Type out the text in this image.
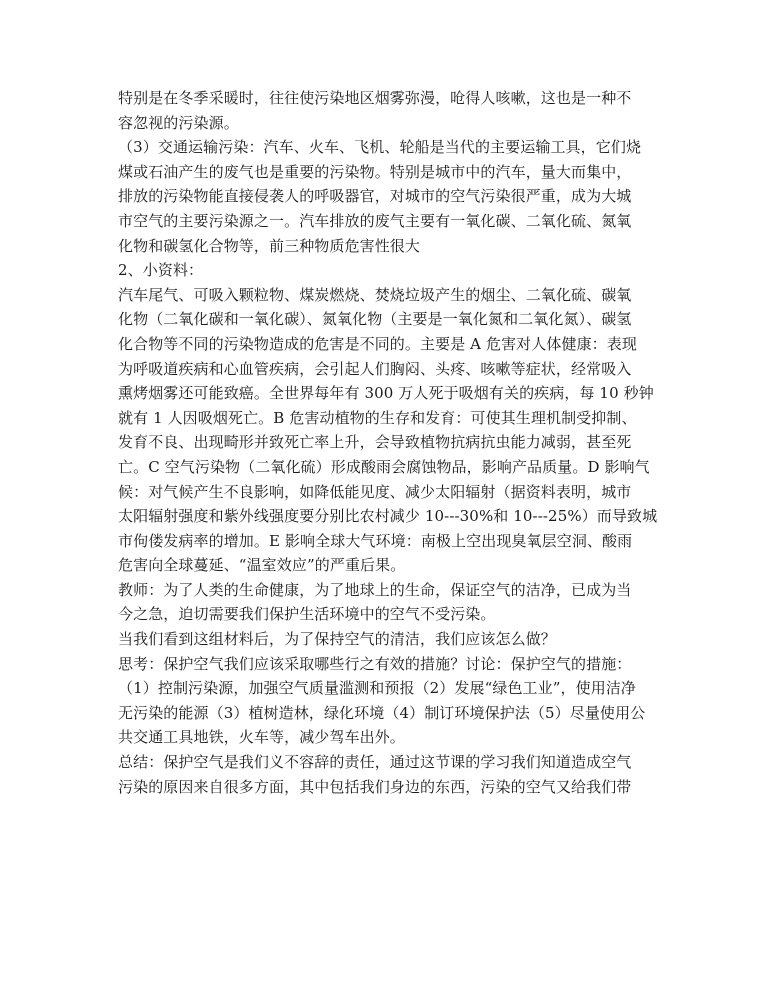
特别是在冬季采暖时，往往使污染地区烟雾弥漫，呛得人咳嗽，这也是一种不
容忽视的污染源。
（3）交通运输污染：汽车、火车、飞机、轮船是当代的主要运输工具，它们烧
煤或石油产生的废气也是重要的污染物。特别是城市中的汽车，量大而集中，
排放的污染物能直接侵袭人的呼吸器官，对城市的空气污染很严重，成为大城
市空气的主要污染源之一。汽车排放的废气主要有一氧化碳、二氧化硫、氮氧
化物和碳氢化合物等，前三种物质危害性很大
2、小资料：
汽车尾气、可吸入颗粒物、煤炭燃烧、焚烧垃圾产生的烟尘、二氧化硫、碳氧
化物（二氧化碳和一氧化碳）、氮氧化物（主要是一氧化氮和二氧化氮）、碳氢
化合物等不同的污染物造成的危害是不同的。主要是 A 危害对人体健康：表现
为呼吸道疾病和心血管疾病，会引起人们胸闷、头疼、咳嗽等症状，经常吸入
熏烤烟雾还可能致癌。全世界每年有 300 万人死于吸烟有关的疾病，每 10 秒钟
就有 1 人因吸烟死亡。B 危害动植物的生存和发育：可使其生理机制受抑制、
发育不良、出现畸形并致死亡率上升，会导致植物抗病抗虫能力减弱，甚至死
亡。C 空气污染物（二氧化硫）形成酸雨会腐蚀物品，影响产品质量。D 影响气
候：对气候产生不良影响，如降低能见度、减少太阳辐射（据资料表明，城市
太阳辐射强度和紫外线强度要分别比农村减少 10---30%和 10---25%）而导致城
市佝偻发病率的增加。E 影响全球大气环境：南极上空出现臭氧层空洞、酸雨
危害向全球蔓延、“温室效应”的严重后果。
教师：为了人类的生命健康，为了地球上的生命，保证空气的洁净，已成为当
今之急，迫切需要我们保护生活环境中的空气不受污染。
当我们看到这组材料后，为了保持空气的清洁，我们应该怎么做？
思考：保护空气我们应该采取哪些行之有效的措施？讨论：保护空气的措施：
（1）控制污染源，加强空气质量滥测和预报（2）发展“绿色工业”，使用洁净
无污染的能源（3）植树造林，绿化环境（4）制订环境保护法（5）尽量使用公
共交通工具地铁，火车等，减少驾车出外。
总结：保护空气是我们义不容辞的责任，通过这节课的学习我们知道造成空气
污染的原因来自很多方面，其中包括我们身边的东西，污染的空气又给我们带
